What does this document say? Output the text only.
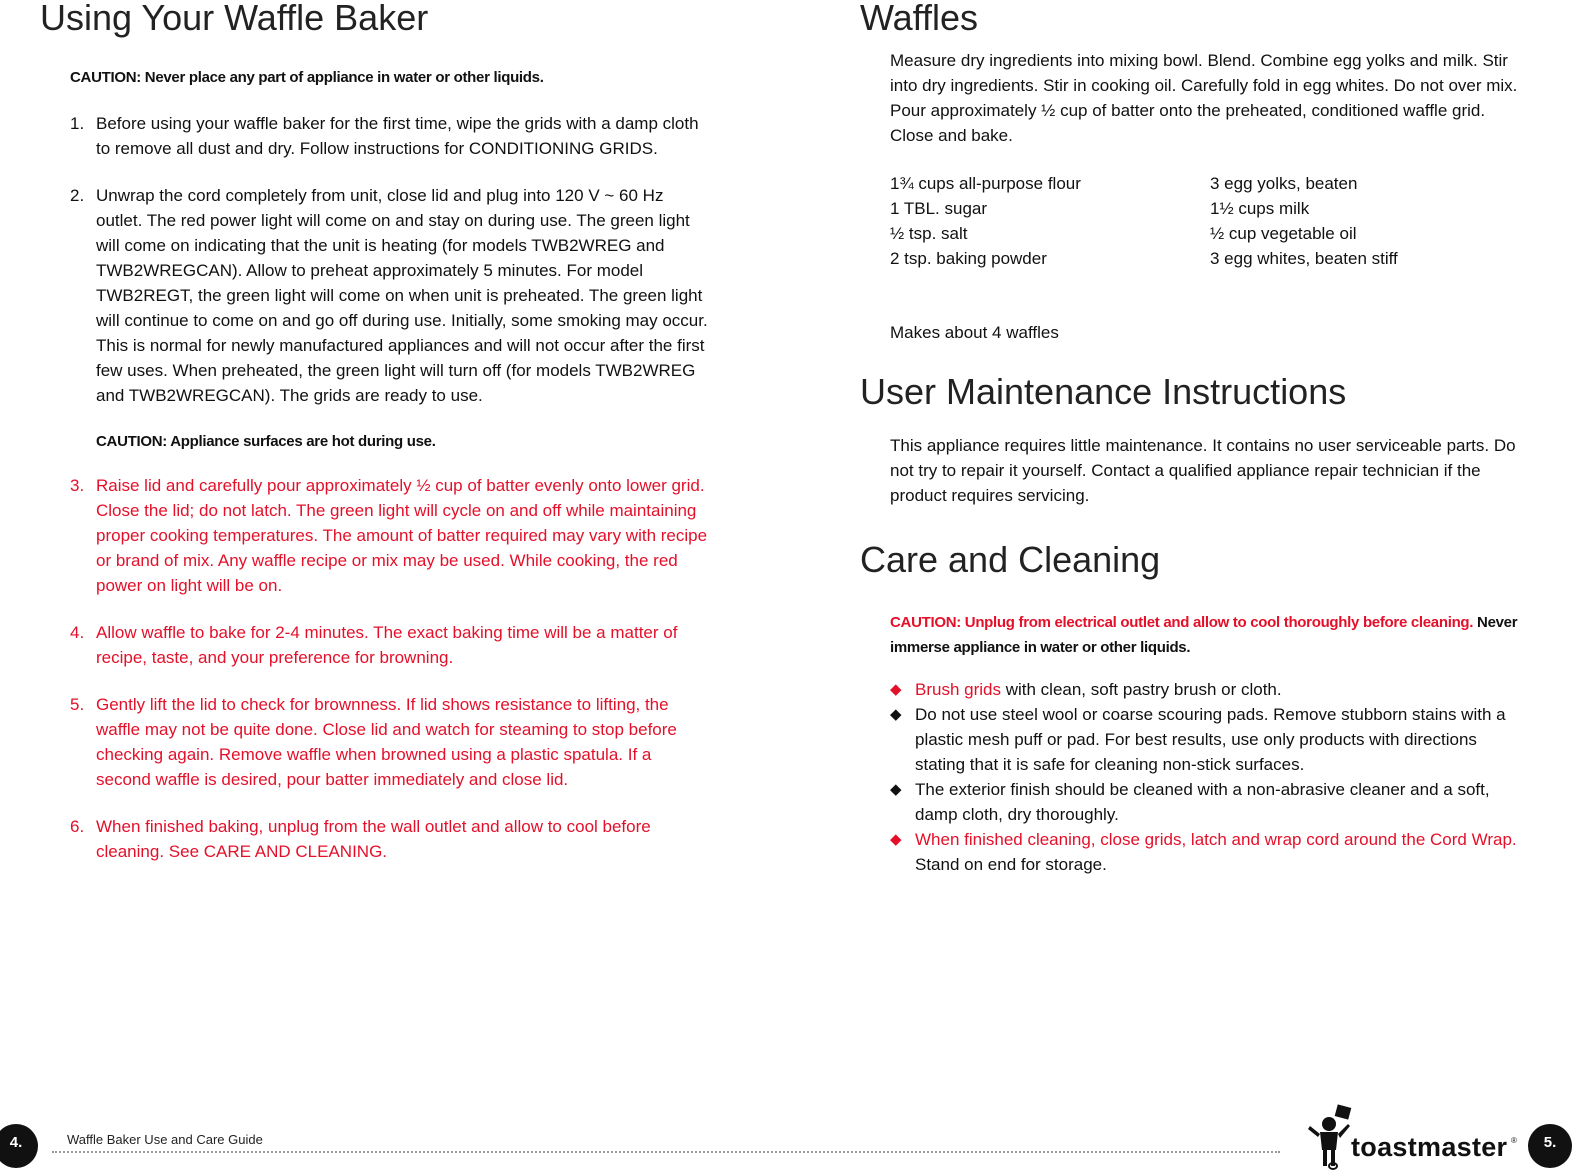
Using Your Waffle Baker
CAUTION: Never place any part of appliance in water or other liquids.
1. Before using your waffle baker for the first time, wipe the grids with a damp cloth to remove all dust and dry. Follow instructions for CONDITIONING GRIDS.
2. Unwrap the cord completely from unit, close lid and plug into 120 V ~ 60 Hz outlet. The red power light will come on and stay on during use. The green light will come on indicating that the unit is heating (for models TWB2WREG and TWB2WREGCAN). Allow to preheat approximately 5 minutes. For model TWB2REGT, the green light will come on when unit is preheated. The green light will continue to come on and go off during use. Initially, some smoking may occur. This is normal for newly manufactured appliances and will not occur after the first few uses. When preheated, the green light will turn off (for models TWB2WREG and TWB2WREGCAN). The grids are ready to use.
CAUTION: Appliance surfaces are hot during use.
3. Raise lid and carefully pour approximately ½ cup of batter evenly onto lower grid. Close the lid; do not latch. The green light will cycle on and off while maintaining proper cooking temperatures. The amount of batter required may vary with recipe or brand of mix. Any waffle recipe or mix may be used. While cooking, the red power on light will be on.
4. Allow waffle to bake for 2-4 minutes. The exact baking time will be a matter of recipe, taste, and your preference for browning.
5. Gently lift the lid to check for brownness. If lid shows resistance to lifting, the waffle may not be quite done. Close lid and watch for steaming to stop before checking again. Remove waffle when browned using a plastic spatula. If a second waffle is desired, pour batter immediately and close lid.
6. When finished baking, unplug from the wall outlet and allow to cool before cleaning. See CARE AND CLEANING.
Waffles
Measure dry ingredients into mixing bowl. Blend. Combine egg yolks and milk. Stir into dry ingredients. Stir in cooking oil. Carefully fold in egg whites. Do not over mix. Pour approximately ½ cup of batter onto the preheated, conditioned waffle grid. Close and bake.
1¾ cups all-purpose flour	3 egg yolks, beaten
1 TBL. sugar	1½ cups milk
½ tsp. salt	½ cup vegetable oil
2 tsp. baking powder	3 egg whites, beaten stiff
Makes about 4 waffles
User Maintenance Instructions
This appliance requires little maintenance. It contains no user serviceable parts. Do not try to repair it yourself. Contact a qualified appliance repair technician if the product requires servicing.
Care and Cleaning
CAUTION: Unplug from electrical outlet and allow to cool thoroughly before cleaning. Never immerse appliance in water or other liquids.
◆ Brush grids with clean, soft pastry brush or cloth.
◆ Do not use steel wool or coarse scouring pads. Remove stubborn stains with a plastic mesh puff or pad. For best results, use only products with directions stating that it is safe for cleaning non-stick surfaces.
◆ The exterior finish should be cleaned with a non-abrasive cleaner and a soft, damp cloth, dry thoroughly.
◆ When finished cleaning, close grids, latch and wrap cord around the Cord Wrap. Stand on end for storage.
Waffle Baker Use and Care Guide
4.	5.
toastmaster ®
